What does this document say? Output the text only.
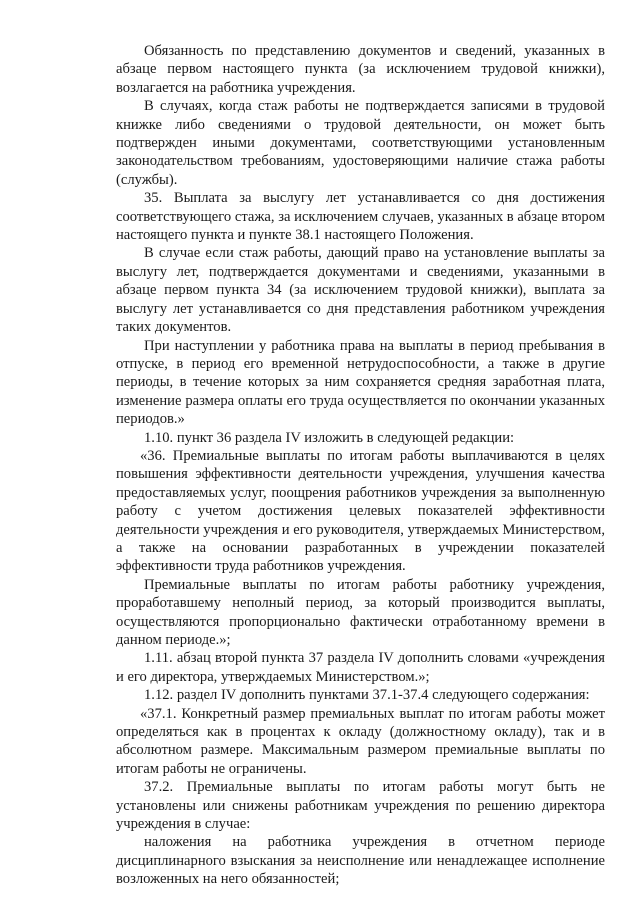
Обязанность по представлению документов и сведений, указанных в абзаце первом настоящего пункта (за исключением трудовой книжки), возлагается на работника учреждения.

В случаях, когда стаж работы не подтверждается записями в трудовой книжке либо сведениями о трудовой деятельности, он может быть подтвержден иными документами, соответствующими установленным законодательством требованиям, удостоверяющими наличие стажа работы (службы).

35. Выплата за выслугу лет устанавливается со дня достижения соответствующего стажа, за исключением случаев, указанных в абзаце втором настоящего пункта и пункте 38.1 настоящего Положения.

В случае если стаж работы, дающий право на установление выплаты за выслугу лет, подтверждается документами и сведениями, указанными в абзаце первом пункта 34 (за исключением трудовой книжки), выплата за выслугу лет устанавливается со дня представления работником учреждения таких документов.

При наступлении у работника права на выплаты в период пребывания в отпуске, в период его временной нетрудоспособности, а также в другие периоды, в течение которых за ним сохраняется средняя заработная плата, изменение размера оплаты его труда осуществляется по окончании указанных периодов.»

1.10. пункт 36 раздела IV изложить в следующей редакции:

«36. Премиальные выплаты по итогам работы выплачиваются в целях повышения эффективности деятельности учреждения, улучшения качества предоставляемых услуг, поощрения работников учреждения за выполненную работу с учетом достижения целевых показателей эффективности деятельности учреждения и его руководителя, утверждаемых Министерством, а также на основании разработанных в учреждении показателей эффективности труда работников учреждения.

Премиальные выплаты по итогам работы работнику учреждения, проработавшему неполный период, за который производится выплаты, осуществляются пропорционально фактически отработанному времени в данном периоде.»;

1.11. абзац второй пункта 37 раздела IV дополнить словами «учреждения и его директора, утверждаемых Министерством.»;

1.12. раздел IV дополнить пунктами 37.1-37.4 следующего содержания:

«37.1. Конкретный размер премиальных выплат по итогам работы может определяться как в процентах к окладу (должностному окладу), так и в абсолютном размере. Максимальным размером премиальные выплаты по итогам работы не ограничены.

37.2. Премиальные выплаты по итогам работы могут быть не установлены или снижены работникам учреждения по решению директора учреждения в случае:

наложения на работника учреждения в отчетном периоде дисциплинарного взыскания за неисполнение или ненадлежащее исполнение возложенных на него обязанностей;
